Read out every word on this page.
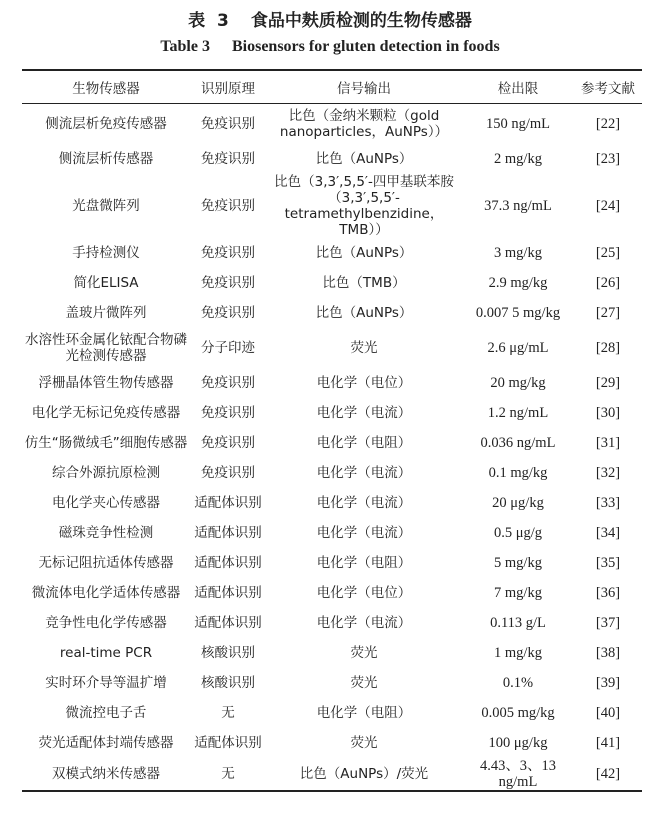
表 3 食品中麸质检测的生物传感器
Table 3 Biosensors for gluten detection in foods
生物传感器	识别原理	信号输出	检出限	参考文献
侧流层析免疫传感器	免疫识别	比色（金纳米颗粒（gold
nanoparticles，AuNPs））	150 ng/mL	[22]
侧流层析传感器	免疫识别	比色（AuNPs）	2 mg/kg	[23]
光盘微阵列	免疫识别	比色（3,3′,5,5′-四甲基联苯胺
（3,3′,5,5′-tetramethylbenzidine，
TMB））	37.3 ng/mL	[24]
手持检测仪	免疫识别	比色（AuNPs）	3 mg/kg	[25]
简化ELISA	免疫识别	比色（TMB）	2.9 mg/kg	[26]
盖玻片微阵列	免疫识别	比色（AuNPs）	0.007 5 mg/kg	[27]
水溶性环金属化铱配合物磷
光检测传感器	分子印迹	荧光	2.6 μg/mL	[28]
浮栅晶体管生物传感器	免疫识别	电化学（电位）	20 mg/kg	[29]
电化学无标记免疫传感器	免疫识别	电化学（电流）	1.2 ng/mL	[30]
仿生“肠微绒毛”细胞传感器	免疫识别	电化学（电阻）	0.036 ng/mL	[31]
综合外源抗原检测	免疫识别	电化学（电流）	0.1 mg/kg	[32]
电化学夹心传感器	适配体识别	电化学（电流）	20 μg/kg	[33]
磁珠竞争性检测	适配体识别	电化学（电流）	0.5 μg/g	[34]
无标记阻抗适体传感器	适配体识别	电化学（电阻）	5 mg/kg	[35]
微流体电化学适体传感器	适配体识别	电化学（电位）	7 mg/kg	[36]
竞争性电化学传感器	适配体识别	电化学（电流）	0.113 g/L	[37]
real-time PCR	核酸识别	荧光	1 mg/kg	[38]
实时环介导等温扩增	核酸识别	荧光	0.1%	[39]
微流控电子舌	无	电化学（电阻）	0.005 mg/kg	[40]
荧光适配体封端传感器	适配体识别	荧光	100 μg/kg	[41]
双模式纳米传感器	无	比色（AuNPs）/荧光	4.43、3、13 ng/mL	[42]
